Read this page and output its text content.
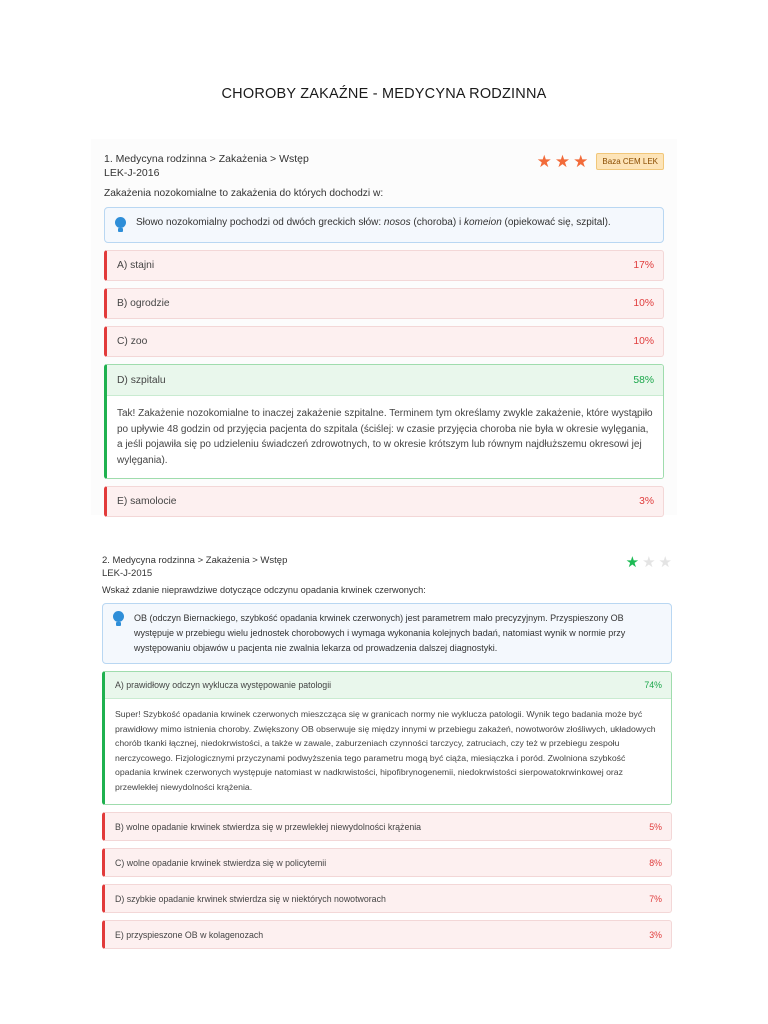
CHOROBY ZAKAŹNE - MEDYCYNA RODZINNA
1. Medycyna rodzinna > Zakażenia > Wstęp
LEK-J-2016
★ ★ ★	Baza CEM LEK
Zakażenia nozokomialne to zakażenia do których dochodzi w:
Słowo nozokomialny pochodzi od dwóch greckich słów: nosos (choroba) i komeion (opiekować się, szpital).
A) stajni	17%
B) ogrodzie	10%
C) zoo	10%
D) szpitalu	58%
Tak! Zakażenie nozokomialne to inaczej zakażenie szpitalne. Terminem tym określamy zwykle zakażenie, które wystąpiło po upływie 48 godzin od przyjęcia pacjenta do szpitala (ściślej: w czasie przyjęcia choroba nie była w okresie wylęgania, a jeśli pojawiła się po udzieleniu świadczeń zdrowotnych, to w okresie krótszym lub równym najdłuższemu okresowi jej wylęgania).
E) samolocie	3%
2. Medycyna rodzinna > Zakażenia > Wstęp
LEK-J-2015
★ ★ ★
Wskaż zdanie nieprawdziwe dotyczące odczynu opadania krwinek czerwonych:
OB (odczyn Biernackiego, szybkość opadania krwinek czerwonych) jest parametrem mało precyzyjnym. Przyspieszony OB występuje w przebiegu wielu jednostek chorobowych i wymaga wykonania kolejnych badań, natomiast wynik w normie przy występowaniu objawów u pacjenta nie zwalnia lekarza od prowadzenia dalszej diagnostyki.
A) prawidłowy odczyn wyklucza występowanie patologii	74%
Super! Szybkość opadania krwinek czerwonych mieszcząca się w granicach normy nie wyklucza patologii. Wynik tego badania może być prawidłowy mimo istnienia choroby. Zwiększony OB obserwuje się między innymi w przebiegu zakażeń, nowotworów złośliwych, układowych chorób tkanki łącznej, niedokrwistości, a także w zawale, zaburzeniach czynności tarczycy, zatruciach, czy też w przebiegu zespołu nerczycowego. Fizjologicznymi przyczynami podwyższenia tego parametru mogą być ciąża, miesiączka i poród. Zwolniona szybkość opadania krwinek czerwonych występuje natomiast w nadkrwistości, hipofibrynogenemii, niedokrwistości sierpowatokrwinkowej oraz przewlekłej niewydolności krążenia.
B) wolne opadanie krwinek stwierdza się w przewlekłej niewydolności krążenia	5%
C) wolne opadanie krwinek stwierdza się w policytemii	8%
D) szybkie opadanie krwinek stwierdza się w niektórych nowotworach	7%
E) przyspieszone OB w kolagenozach	3%
